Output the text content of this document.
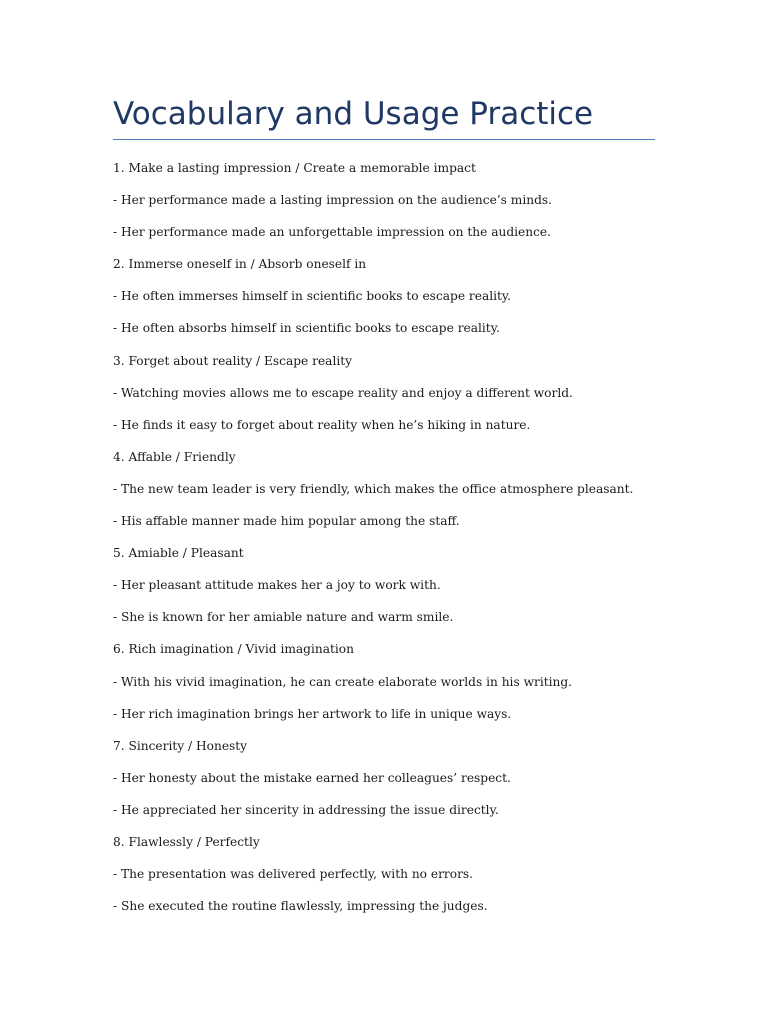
Vocabulary and Usage Practice
1. Make a lasting impression / Create a memorable impact
- Her performance made a lasting impression on the audience’s minds.
- Her performance made an unforgettable impression on the audience.
2. Immerse oneself in / Absorb oneself in
- He often immerses himself in scientific books to escape reality.
- He often absorbs himself in scientific books to escape reality.
3. Forget about reality / Escape reality
- Watching movies allows me to escape reality and enjoy a different world.
- He finds it easy to forget about reality when he’s hiking in nature.
4. Affable / Friendly
- The new team leader is very friendly, which makes the office atmosphere pleasant.
- His affable manner made him popular among the staff.
5. Amiable / Pleasant
- Her pleasant attitude makes her a joy to work with.
- She is known for her amiable nature and warm smile.
6. Rich imagination / Vivid imagination
- With his vivid imagination, he can create elaborate worlds in his writing.
- Her rich imagination brings her artwork to life in unique ways.
7. Sincerity / Honesty
- Her honesty about the mistake earned her colleagues’ respect.
- He appreciated her sincerity in addressing the issue directly.
8. Flawlessly / Perfectly
- The presentation was delivered perfectly, with no errors.
- She executed the routine flawlessly, impressing the judges.
